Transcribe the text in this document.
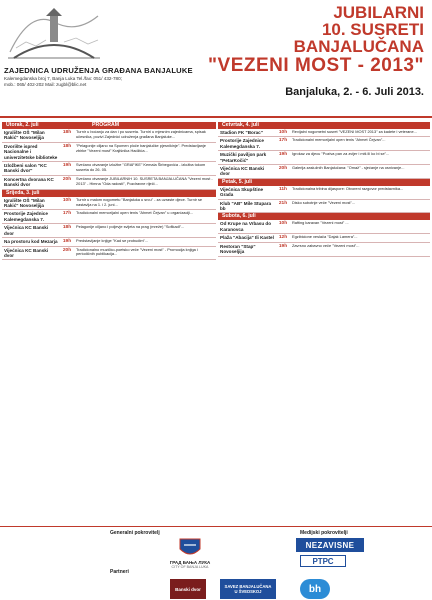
ZAJEDNICA UDRUŽENJA GRAĐANA BANJALUKE
Kalemegdanska broj 7, Banja Luka Tel./fax: 051/ 432-780;
mob.: 065/ 402-202 Mail: zugbl@blic.net
JUBILARNI
10. SUSRETI
BANJALUČANA
"VEZENI MOST - 2013"
Banjaluka, 2. - 6. Juli 2013.
Utorak, 2. juli	PROGRAM
Igralište OŠ "Milan Rakić" Novoseljija
18h	Turnir u boćanju za dan i po susreta. Turniri u mjesnim zajednicama, spisak učesnika, pozivi Zajednici udruženja građana Banjaluke...
Dvorište ispred Nacionalne i univerzitetske biblioteke
18h	"Pelagonije ciljano na Spomen ploče banjalučke pjesnikinje". Predstavljanje zbirke "Vezeni most" Krajišnika Hadžića...
Izložbeni salon "KC Banski dvor"
19h	Svečano otvaranje izložbe "GRAFIKE" Kemala Širbegovića - izložba tokom susreta do 26. 05.
Koncertna dvorana KC Banski dvor
20h	Svečano otvaranje JUBILARNIH 10. SUSRETA BANJALUČANA "Vezeni most - 2013" - Himna "Oda radosti", Pozdravne riječi...
Srijeda, 3. juli
Igralište OŠ "Milan Rakić" Novoseljija
10h	Turnir u malom nogometu "Banjaluka u srcu" - za uzraste djece. Turnir se nastavlja na 1. i 2. juni...
Prostorije Zajednice Kalemegdanska 7.
17h	Tradicionalni memorijalni open tenis "Ahmet Čejvan" u organizaciji...
Vijećnica KC Banski dvor
18h	Pelagonije ciljano i poljevje svijeta na prag (mreže) "Sofikadi"...
Na prostoru kod Mezarja	19h	Predstavljanje knjige "Kad se probudim"...
Vijećnica KC Banski dvor
20h	Tradicionalno muzičko-poetsko veče "Vezeni most" - Promocija knjiga i periodičnih publikacija...
Četvrtak, 4. juli
Stadion FK "Borac"	10h	Revijalni nogometni susret "VEZENI MOST 2013" za kadete i veterane...
Prostorije Zajednice Kalemegdanska 7.
17h	Tradicionalni memorijalni open tenis "Ahmet Čejvan"...
Muzički paviljon park "PetarKočić"
19h	Igrokaz za djecu "Poziva pan za zvijer i miš ili ko bi se"...
Vijećnica KC Banski dvor
20h	Galerija zaslužnih Banjalučana: "Omaž" - sjećanje na osnivanje...
Petak, 5. juli
Vijećnica Skupštine Grada
11h	Tradicionalna tribina dijaspore: Otvoreni razgovor predstavnika...
Klub "AB" Mile Stupara bb
21h	Disko subotnje veče "Vezeni most"...
Subota, 6. juli
Od Krupe na Vrbasu do Karanovca
10h	Rafting karavan "Vezeni most" ...
Plaža "Abacija" Ili Kastel	12h	Egzibicione veslača "Dajak Lamera"...
Restoran "Stap" Novoseljija
19h	Zavrsno zabavno veče "Vezeni most"...
Generalni pokrovitelj	Medijski pokrovitelji
Partneri
ГРАД БАЊА ЛУКА
CITY OF BANJA LUKA
NEZAVISNE
РТРС
Banski dvor	SAVEZ BANJALUČANA
U ŠVEDSKOJ	bh
